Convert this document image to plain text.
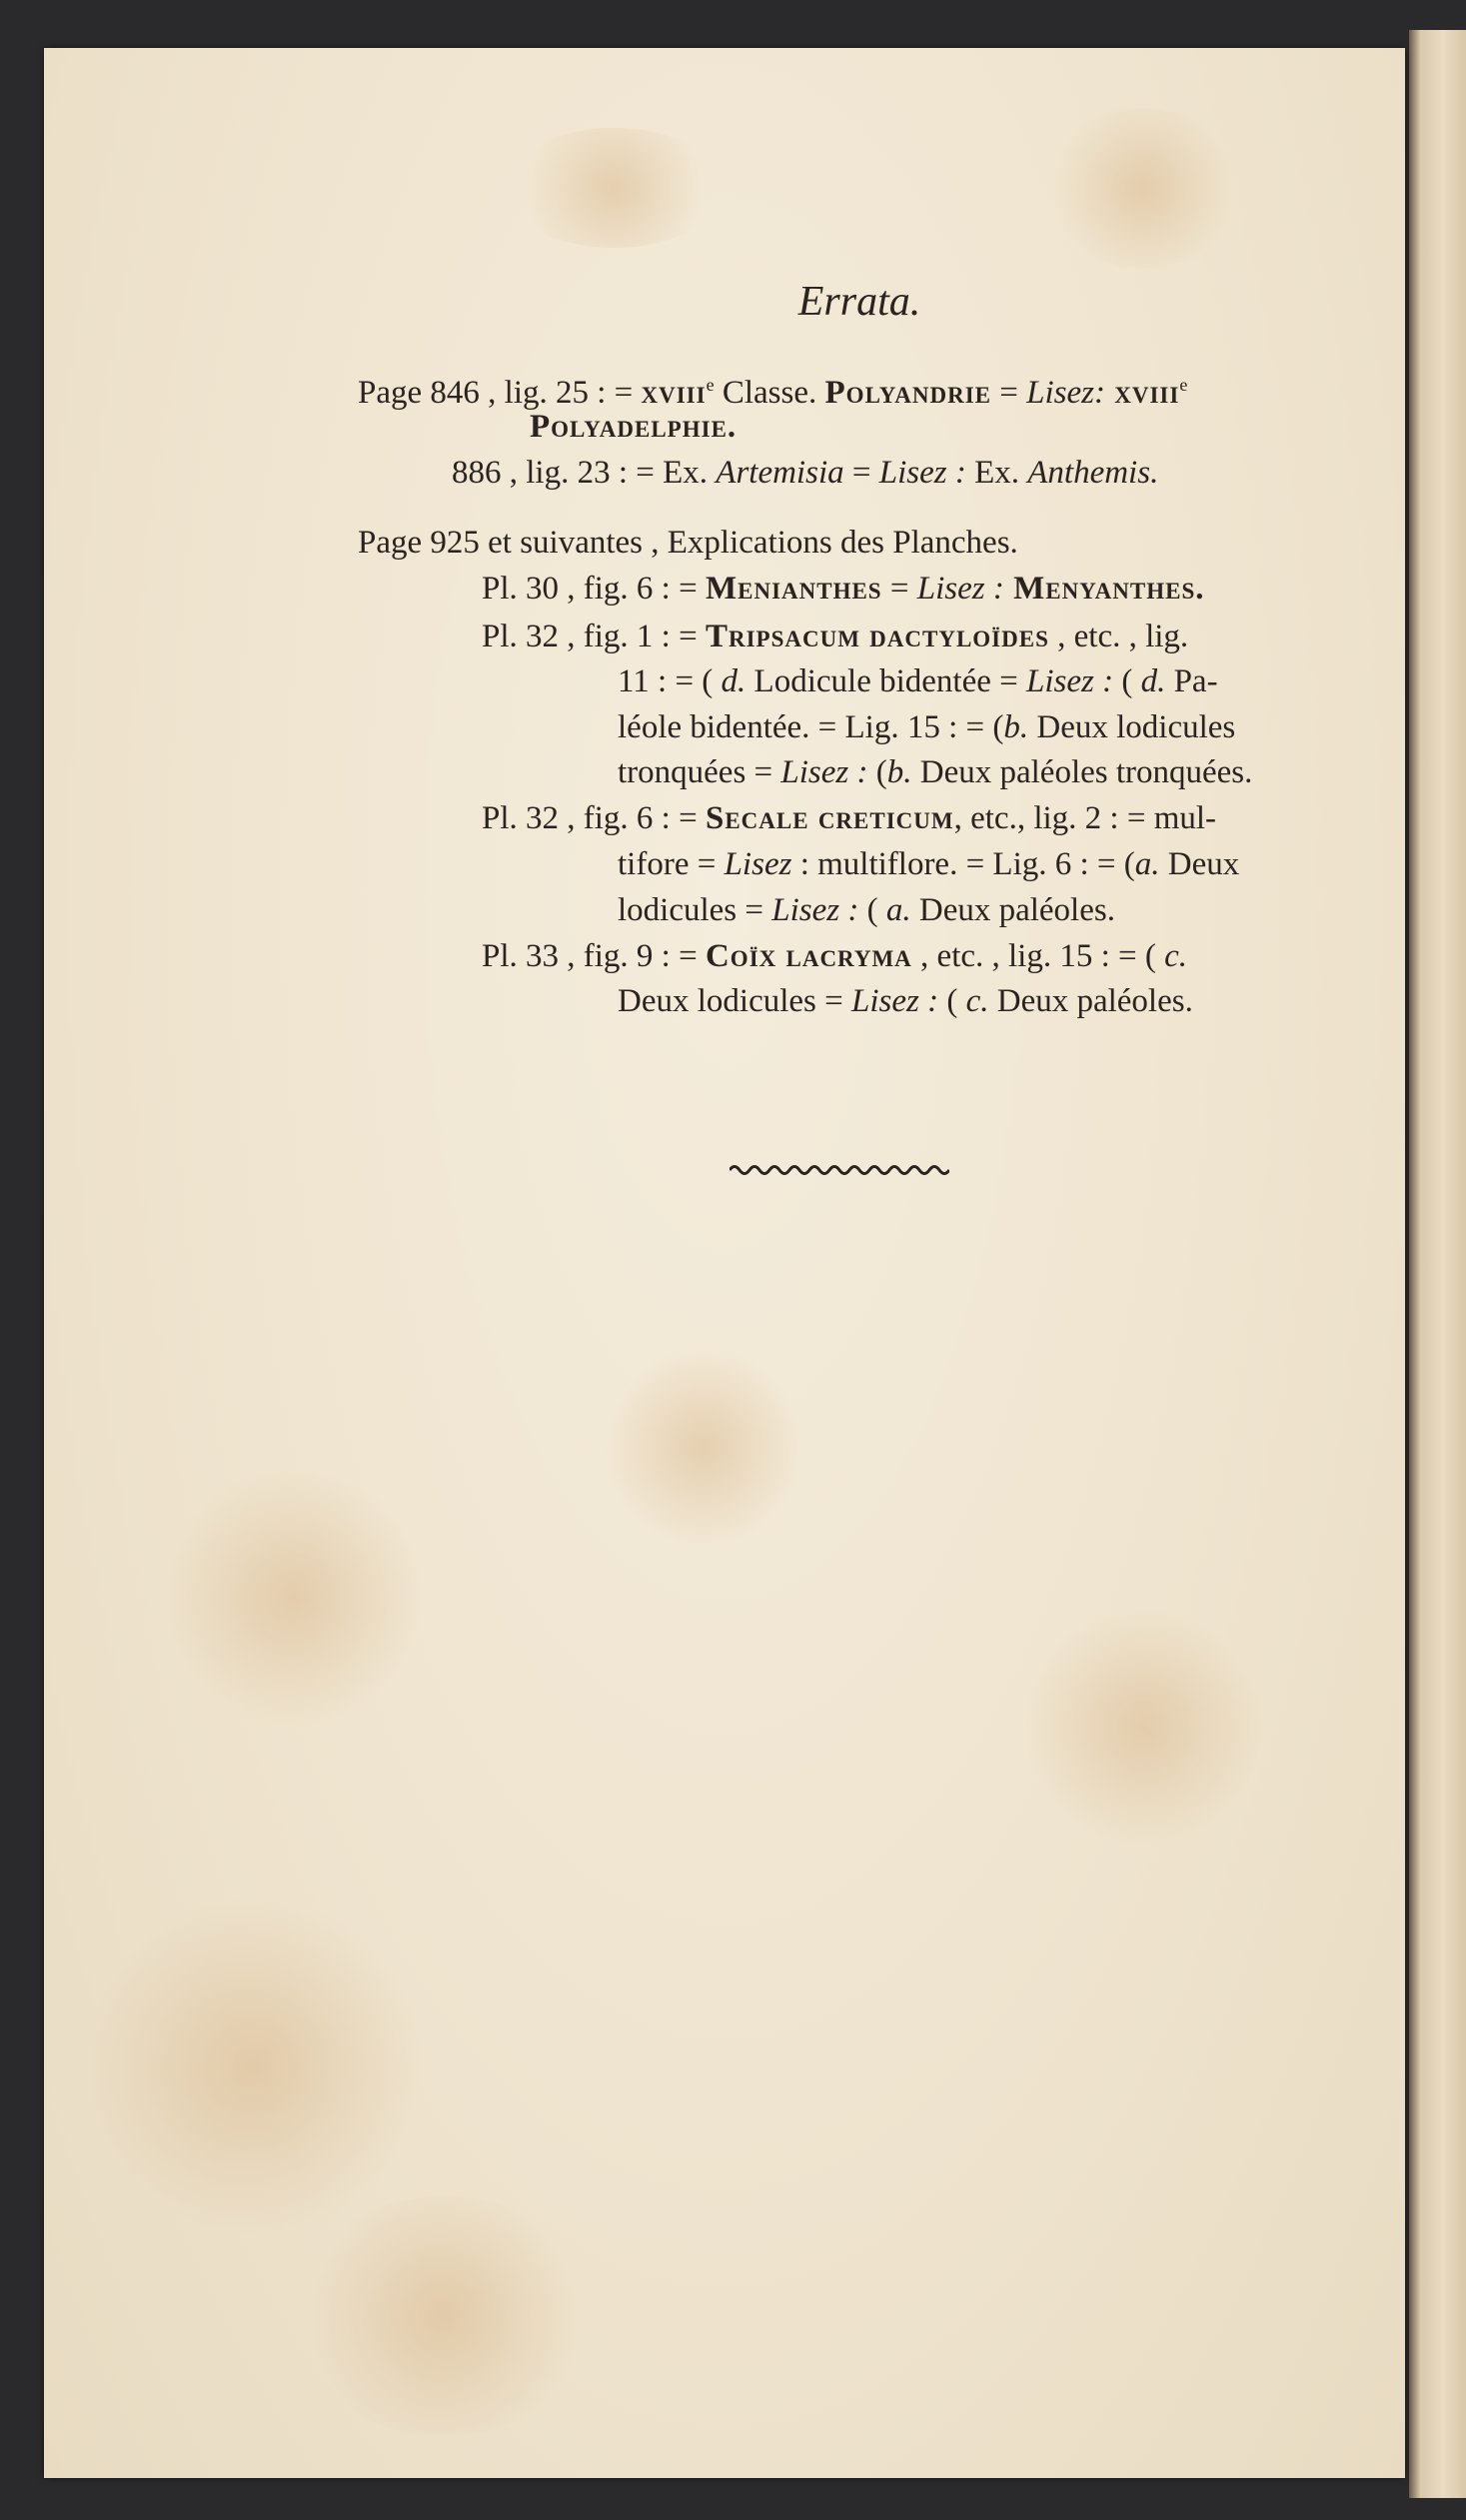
Errata.
Page 846 , lig. 25 : = xviii$^e$ Classe. Polyandrie = Lisez: xviii$^e$
Polyadelphie.
886 , lig. 23 : = Ex. Artemisia = Lisez : Ex. Anthemis.
Page 925 et suivantes , Explications des Planches.
Pl. 30 , fig. 6 : = Menianthes = Lisez : Menyanthes.
Pl. 32 , fig. 1 : = Tripsacum dactyloïdes , etc. , lig.
11 : = ( d. Lodicule bidentée = Lisez : ( d. Pa-
léole bidentée. = Lig. 15 : = (b. Deux lodicules
tronquées = Lisez : (b. Deux paléoles tronquées.
Pl. 32 , fig. 6 : = Secale creticum, etc., lig. 2 : = mul-
tifore = Lisez : multiflore. = Lig. 6 : = (a. Deux
lodicules = Lisez : ( a. Deux paléoles.
Pl. 33 , fig. 9 : = Coïx lacryma , etc. , lig. 15 : = ( c.
Deux lodicules = Lisez : ( c. Deux paléoles.
